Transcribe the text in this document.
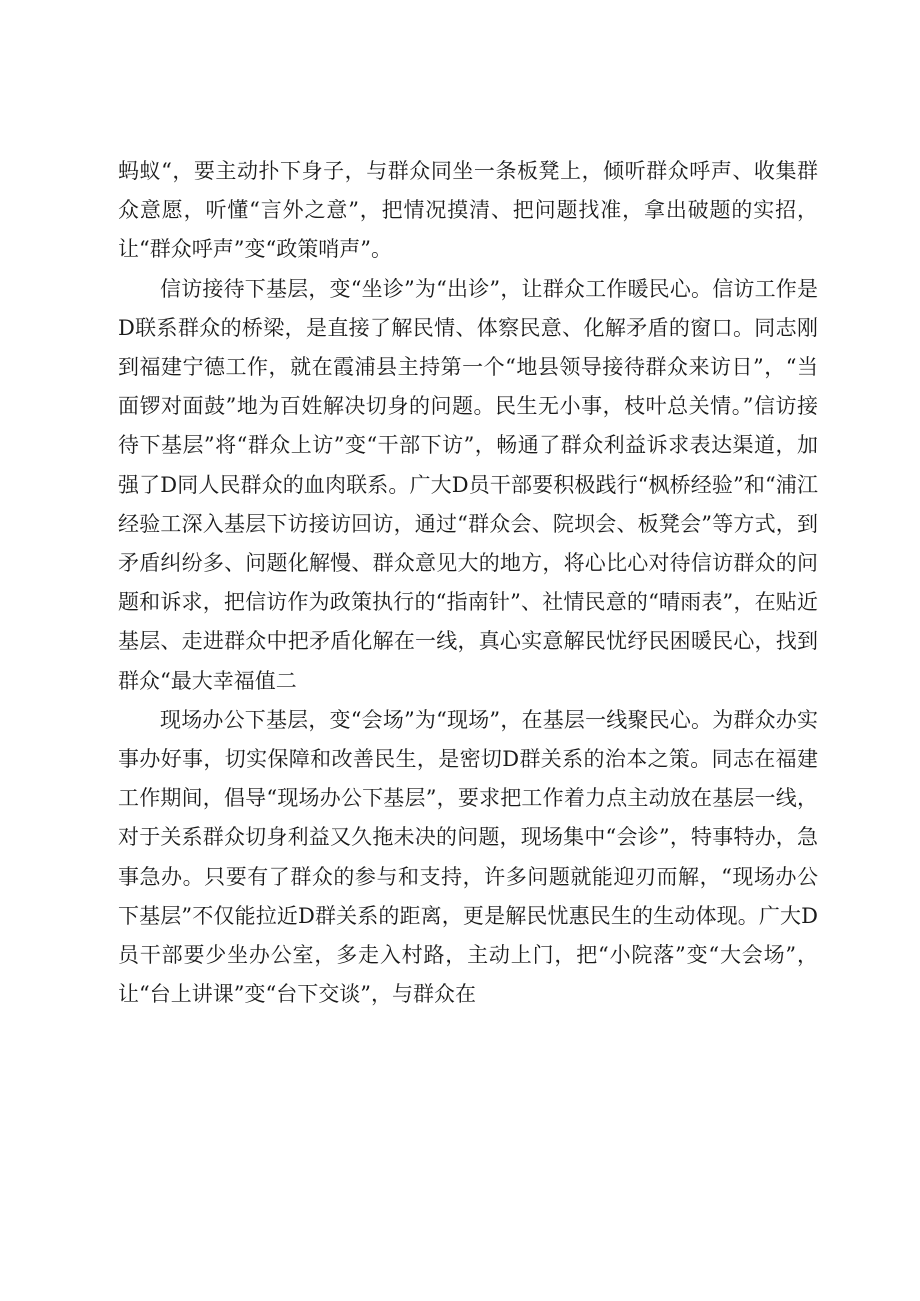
蚂蚁“，要主动扑下身子，与群众同坐一条板凳上，倾听群众呼声、收集群众意愿，听懂“言外之意”，把情况摸清、把问题找准，拿出破题的实招，让“群众呼声”变“政策哨声”。

信访接待下基层，变“坐诊”为“出诊”，让群众工作暖民心。信访工作是D联系群众的桥梁，是直接了解民情、体察民意、化解矛盾的窗口。同志刚到福建宁德工作，就在霞浦县主持第一个“地县领导接待群众来访日”，“当面锣对面鼓”地为百姓解决切身的问题。民生无小事，枝叶总关情。”信访接待下基层”将“群众上访”变“干部下访”，畅通了群众利益诉求表达渠道，加强了D同人民群众的血肉联系。广大D员干部要积极践行“枫桥经验”和“浦江经验工深入基层下访接访回访，通过“群众会、院坝会、板凳会”等方式，到矛盾纠纷多、问题化解慢、群众意见大的地方，将心比心对待信访群众的问题和诉求，把信访作为政策执行的“指南针”、社情民意的“晴雨表”，在贴近基层、走进群众中把矛盾化解在一线，真心实意解民忧纾民困暖民心，找到群众“最大幸福值二

现场办公下基层，变“会场”为“现场”，在基层一线聚民心。为群众办实事办好事，切实保障和改善民生，是密切D群关系的治本之策。同志在福建工作期间，倡导“现场办公下基层”，要求把工作着力点主动放在基层一线，对于关系群众切身利益又久拖未决的问题，现场集中“会诊”，特事特办，急事急办。只要有了群众的参与和支持，许多问题就能迎刃而解，“现场办公下基层”不仅能拉近D群关系的距离，更是解民忧惠民生的生动体现。广大D员干部要少坐办公室，多走入村路，主动上门，把“小院落”变“大会场”，让“台上讲课”变“台下交谈”，与群众在
